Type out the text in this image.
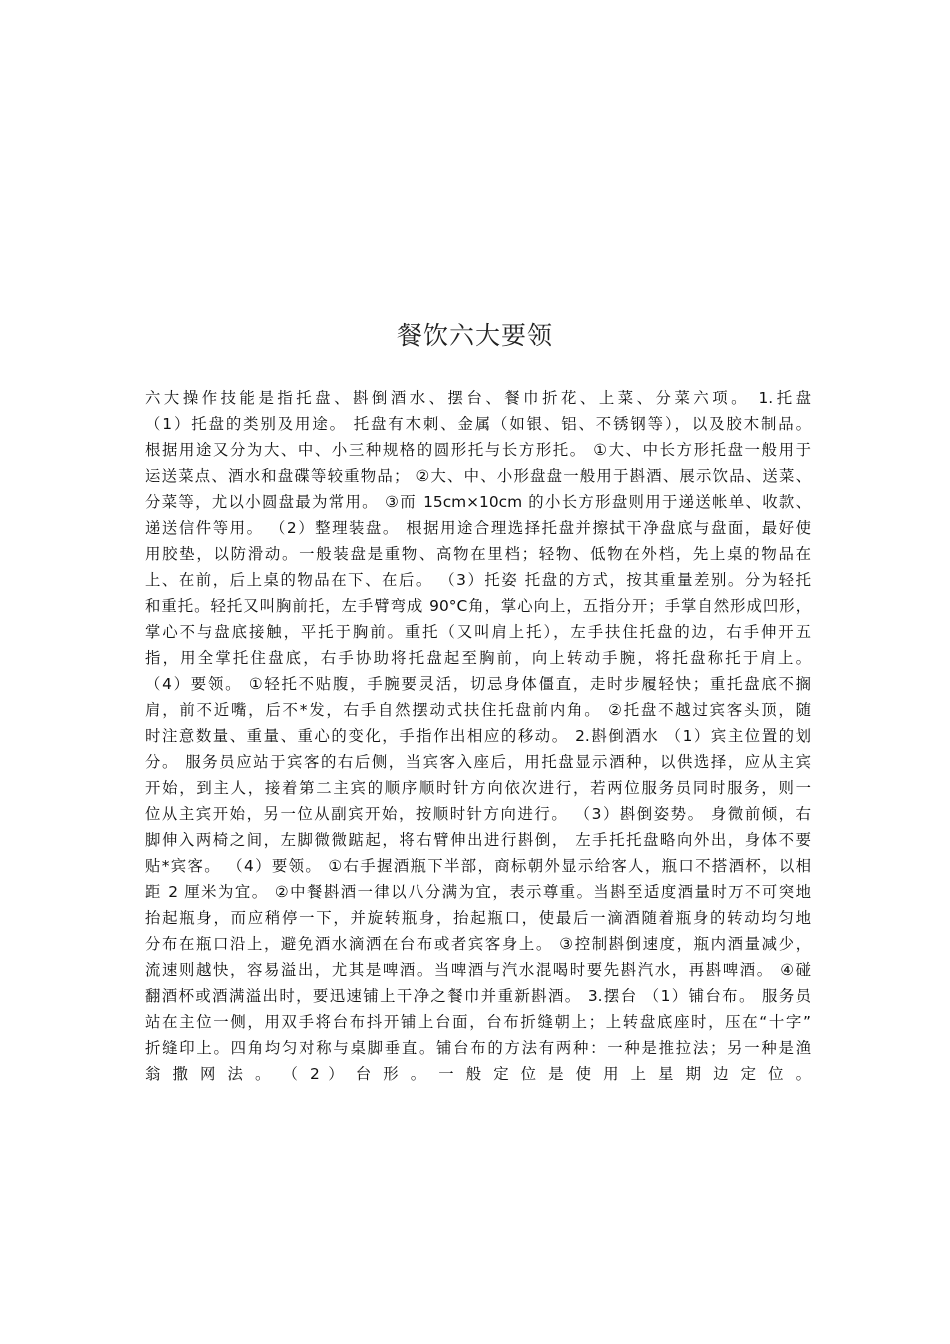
餐饮六大要领
六大操作技能是指托盘、斟倒酒水、摆台、餐巾折花、上菜、分菜六项。 1.托盘
（1）托盘的类别及用途。 托盘有木刺、金属（如银、铝、不锈钢等），以及胶木制品。
根据用途又分为大、中、小三种规格的圆形托与长方形托。 ①大、中长方形托盘一般用于
运送菜点、酒水和盘碟等较重物品； ②大、中、小形盘盘一般用于斟酒、展示饮品、送菜、
分菜等，尤以小圆盘最为常用。 ③而 15cm×10cm 的小长方形盘则用于递送帐单、收款、
递送信件等用。 （2）整理装盘。 根据用途合理选择托盘并擦拭干净盘底与盘面，最好使
用胶垫，以防滑动。一般装盘是重物、高物在里档；轻物、低物在外档，先上桌的物品在
上、在前，后上桌的物品在下、在后。 （3）托姿 托盘的方式，按其重量差别。分为轻托
和重托。轻托又叫胸前托，左手臂弯成 90°C角，掌心向上，五指分开；手掌自然形成凹形，
掌心不与盘底接触，平托于胸前。重托（又叫肩上托），左手扶住托盘的边，右手伸开五
指，用全掌托住盘底，右手协助将托盘起至胸前，向上转动手腕，将托盘称托于肩上。
（4）要领。 ①轻托不贴腹，手腕要灵活，切忌身体僵直，走时步履轻快；重托盘底不搁
肩，前不近嘴，后不*发，右手自然摆动式扶住托盘前内角。 ②托盘不越过宾客头顶，随
时注意数量、重量、重心的变化，手指作出相应的移动。 2.斟倒酒水 （1）宾主位置的划
分。 服务员应站于宾客的右后侧，当宾客入座后，用托盘显示酒种，以供选择，应从主宾
开始，到主人，接着第二主宾的顺序顺时针方向依次进行，若两位服务员同时服务，则一
位从主宾开始，另一位从副宾开始，按顺时针方向进行。 （3）斟倒姿势。 身微前倾，右
脚伸入两椅之间，左脚微微踮起，将右臂伸出进行斟倒， 左手托托盘略向外出，身体不要
贴*宾客。 （4）要领。 ①右手握酒瓶下半部，商标朝外显示给客人，瓶口不搭酒杯，以相
距 2 厘米为宜。 ②中餐斟酒一律以八分满为宜，表示尊重。当斟至适度酒量时万不可突地
抬起瓶身，而应稍停一下，并旋转瓶身，抬起瓶口，使最后一滴酒随着瓶身的转动均匀地
分布在瓶口沿上，避免酒水滴洒在台布或者宾客身上。 ③控制斟倒速度，瓶内酒量减少，
流速则越快，容易溢出，尤其是啤酒。当啤酒与汽水混喝时要先斟汽水，再斟啤酒。 ④碰
翻酒杯或酒满溢出时，要迅速铺上干净之餐巾并重新斟酒。 3.摆台 （1）铺台布。 服务员
站在主位一侧，用双手将台布抖开铺上台面，台布折缝朝上；上转盘底座时，压在“十字”
折缝印上。四角均匀对称与桌脚垂直。铺台布的方法有两种：一种是推拉法；另一种是渔
翁 撒 网 法 。 （ 2 ） 台 形 。 一 般 定 位 是 使 用 上 星 期 边 定 位 。
